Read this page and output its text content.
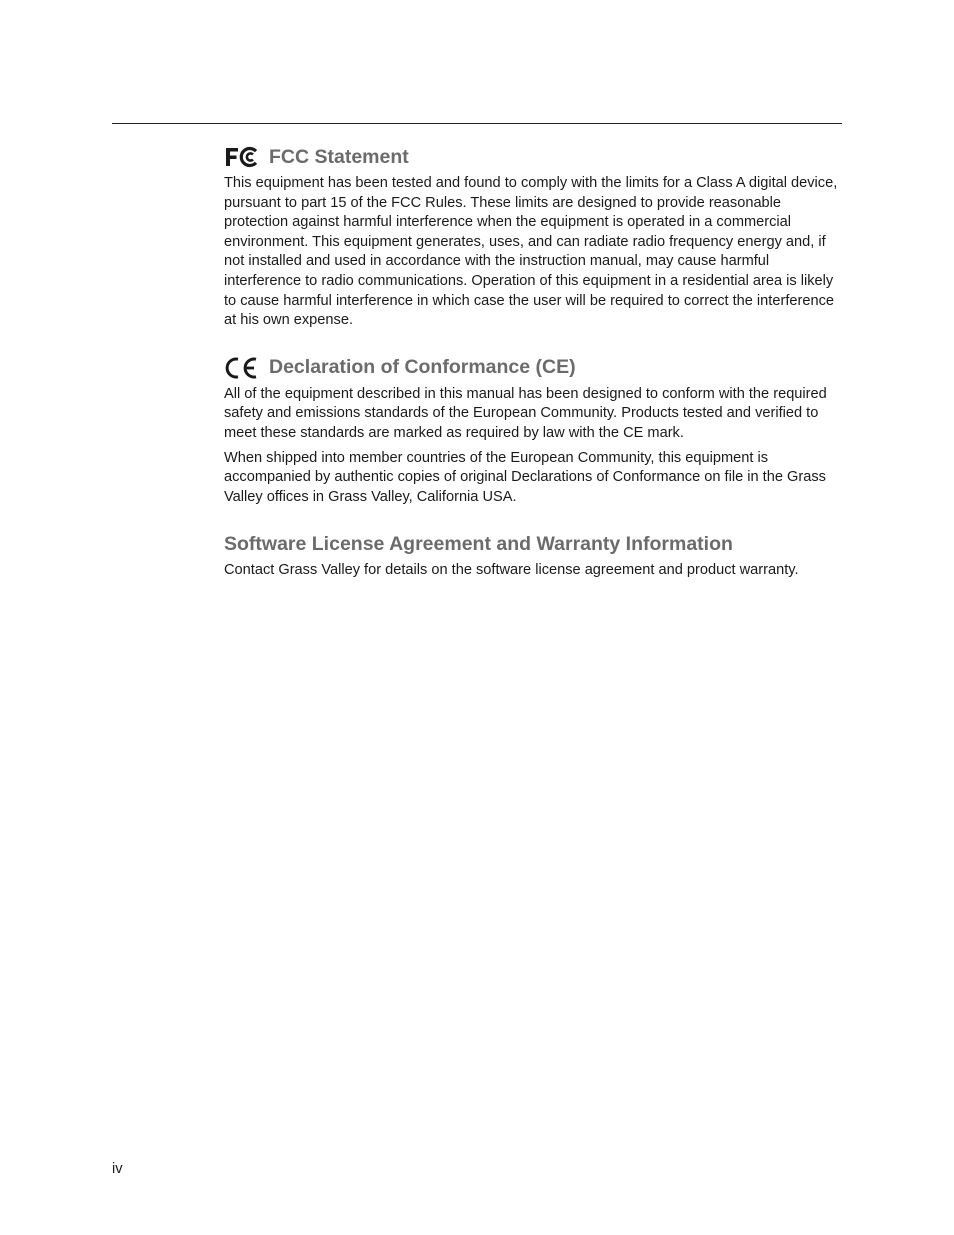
FCC Statement

This equipment has been tested and found to comply with the limits for a Class A digital device, pursuant to part 15 of the FCC Rules. These limits are designed to provide reasonable protection against harmful interference when the equipment is operated in a commercial environment. This equipment generates, uses, and can radiate radio frequency energy and, if not installed and used in accordance with the instruction manual, may cause harmful interference to radio communications. Operation of this equipment in a residential area is likely to cause harmful interference in which case the user will be required to correct the interference at his own expense.

Declaration of Conformance (CE)

All of the equipment described in this manual has been designed to conform with the required safety and emissions standards of the European Community. Products tested and verified to meet these standards are marked as required by law with the CE mark.

When shipped into member countries of the European Community, this equipment is accompanied by authentic copies of original Declarations of Conformance on file in the Grass Valley offices in Grass Valley, California USA.

Software License Agreement and Warranty Information

Contact Grass Valley for details on the software license agreement and product warranty.

iv
